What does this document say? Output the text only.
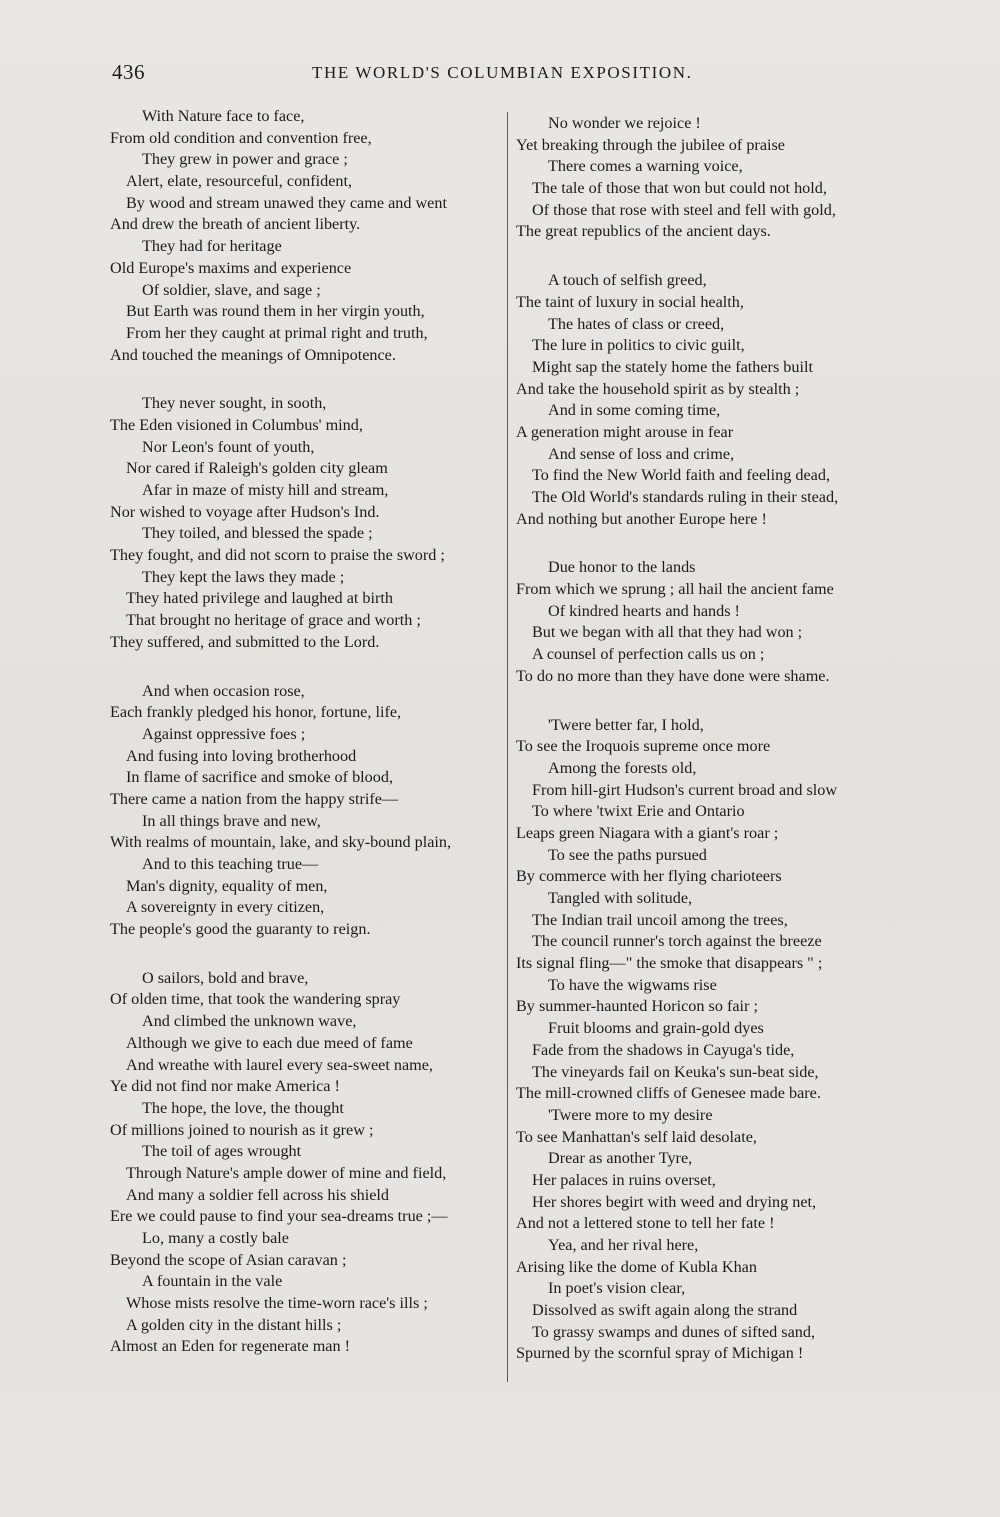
436	THE WORLD'S COLUMBIAN EXPOSITION.
With Nature face to face,
From old condition and convention free,
They grew in power and grace ;
Alert, elate, resourceful, confident,
By wood and stream unawed they came and went
And drew the breath of ancient liberty.
They had for heritage
Old Europe's maxims and experience
Of soldier, slave, and sage ;
But Earth was round them in her virgin youth,
From her they caught at primal right and truth,
And touched the meanings of Omnipotence.
They never sought, in sooth,
The Eden visioned in Columbus' mind,
Nor Leon's fount of youth,
Nor cared if Raleigh's golden city gleam
Afar in maze of misty hill and stream,
Nor wished to voyage after Hudson's Ind.
They toiled, and blessed the spade ;
They fought, and did not scorn to praise the sword ;
They kept the laws they made ;
They hated privilege and laughed at birth
That brought no heritage of grace and worth ;
They suffered, and submitted to the Lord.
And when occasion rose,
Each frankly pledged his honor, fortune, life,
Against oppressive foes ;
And fusing into loving brotherhood
In flame of sacrifice and smoke of blood,
There came a nation from the happy strife—
In all things brave and new,
With realms of mountain, lake, and sky-bound plain,
And to this teaching true—
Man's dignity, equality of men,
A sovereignty in every citizen,
The people's good the guaranty to reign.
O sailors, bold and brave,
Of olden time, that took the wandering spray
And climbed the unknown wave,
Although we give to each due meed of fame
And wreathe with laurel every sea-sweet name,
Ye did not find nor make America !
The hope, the love, the thought
Of millions joined to nourish as it grew ;
The toil of ages wrought
Through Nature's ample dower of mine and field,
And many a soldier fell across his shield
Ere we could pause to find your sea-dreams true ;—
Lo, many a costly bale
Beyond the scope of Asian caravan ;
A fountain in the vale
Whose mists resolve the time-worn race's ills ;
A golden city in the distant hills ;
Almost an Eden for regenerate man !
No wonder we rejoice !
Yet breaking through the jubilee of praise
There comes a warning voice,
The tale of those that won but could not hold,
Of those that rose with steel and fell with gold,
The great republics of the ancient days.
A touch of selfish greed,
The taint of luxury in social health,
The hates of class or creed,
The lure in politics to civic guilt,
Might sap the stately home the fathers built
And take the household spirit as by stealth ;
And in some coming time,
A generation might arouse in fear
And sense of loss and crime,
To find the New World faith and feeling dead,
The Old World's standards ruling in their stead,
And nothing but another Europe here !
Due honor to the lands
From which we sprung ; all hail the ancient fame
Of kindred hearts and hands !
But we began with all that they had won ;
A counsel of perfection calls us on ;
To do no more than they have done were shame.
'Twere better far, I hold,
To see the Iroquois supreme once more
Among the forests old,
From hill-girt Hudson's current broad and slow
To where 'twixt Erie and Ontario
Leaps green Niagara with a giant's roar ;
To see the paths pursued
By commerce with her flying charioteers
Tangled with solitude,
The Indian trail uncoil among the trees,
The council runner's torch against the breeze
Its signal fling—" the smoke that disappears " ;
To have the wigwams rise
By summer-haunted Horicon so fair ;
Fruit blooms and grain-gold dyes
Fade from the shadows in Cayuga's tide,
The vineyards fail on Keuka's sun-beat side,
The mill-crowned cliffs of Genesee made bare.
'Twere more to my desire
To see Manhattan's self laid desolate,
Drear as another Tyre,
Her palaces in ruins overset,
Her shores begirt with weed and drying net,
And not a lettered stone to tell her fate !
Yea, and her rival here,
Arising like the dome of Kubla Khan
In poet's vision clear,
Dissolved as swift again along the strand
To grassy swamps and dunes of sifted sand,
Spurned by the scornful spray of Michigan !
